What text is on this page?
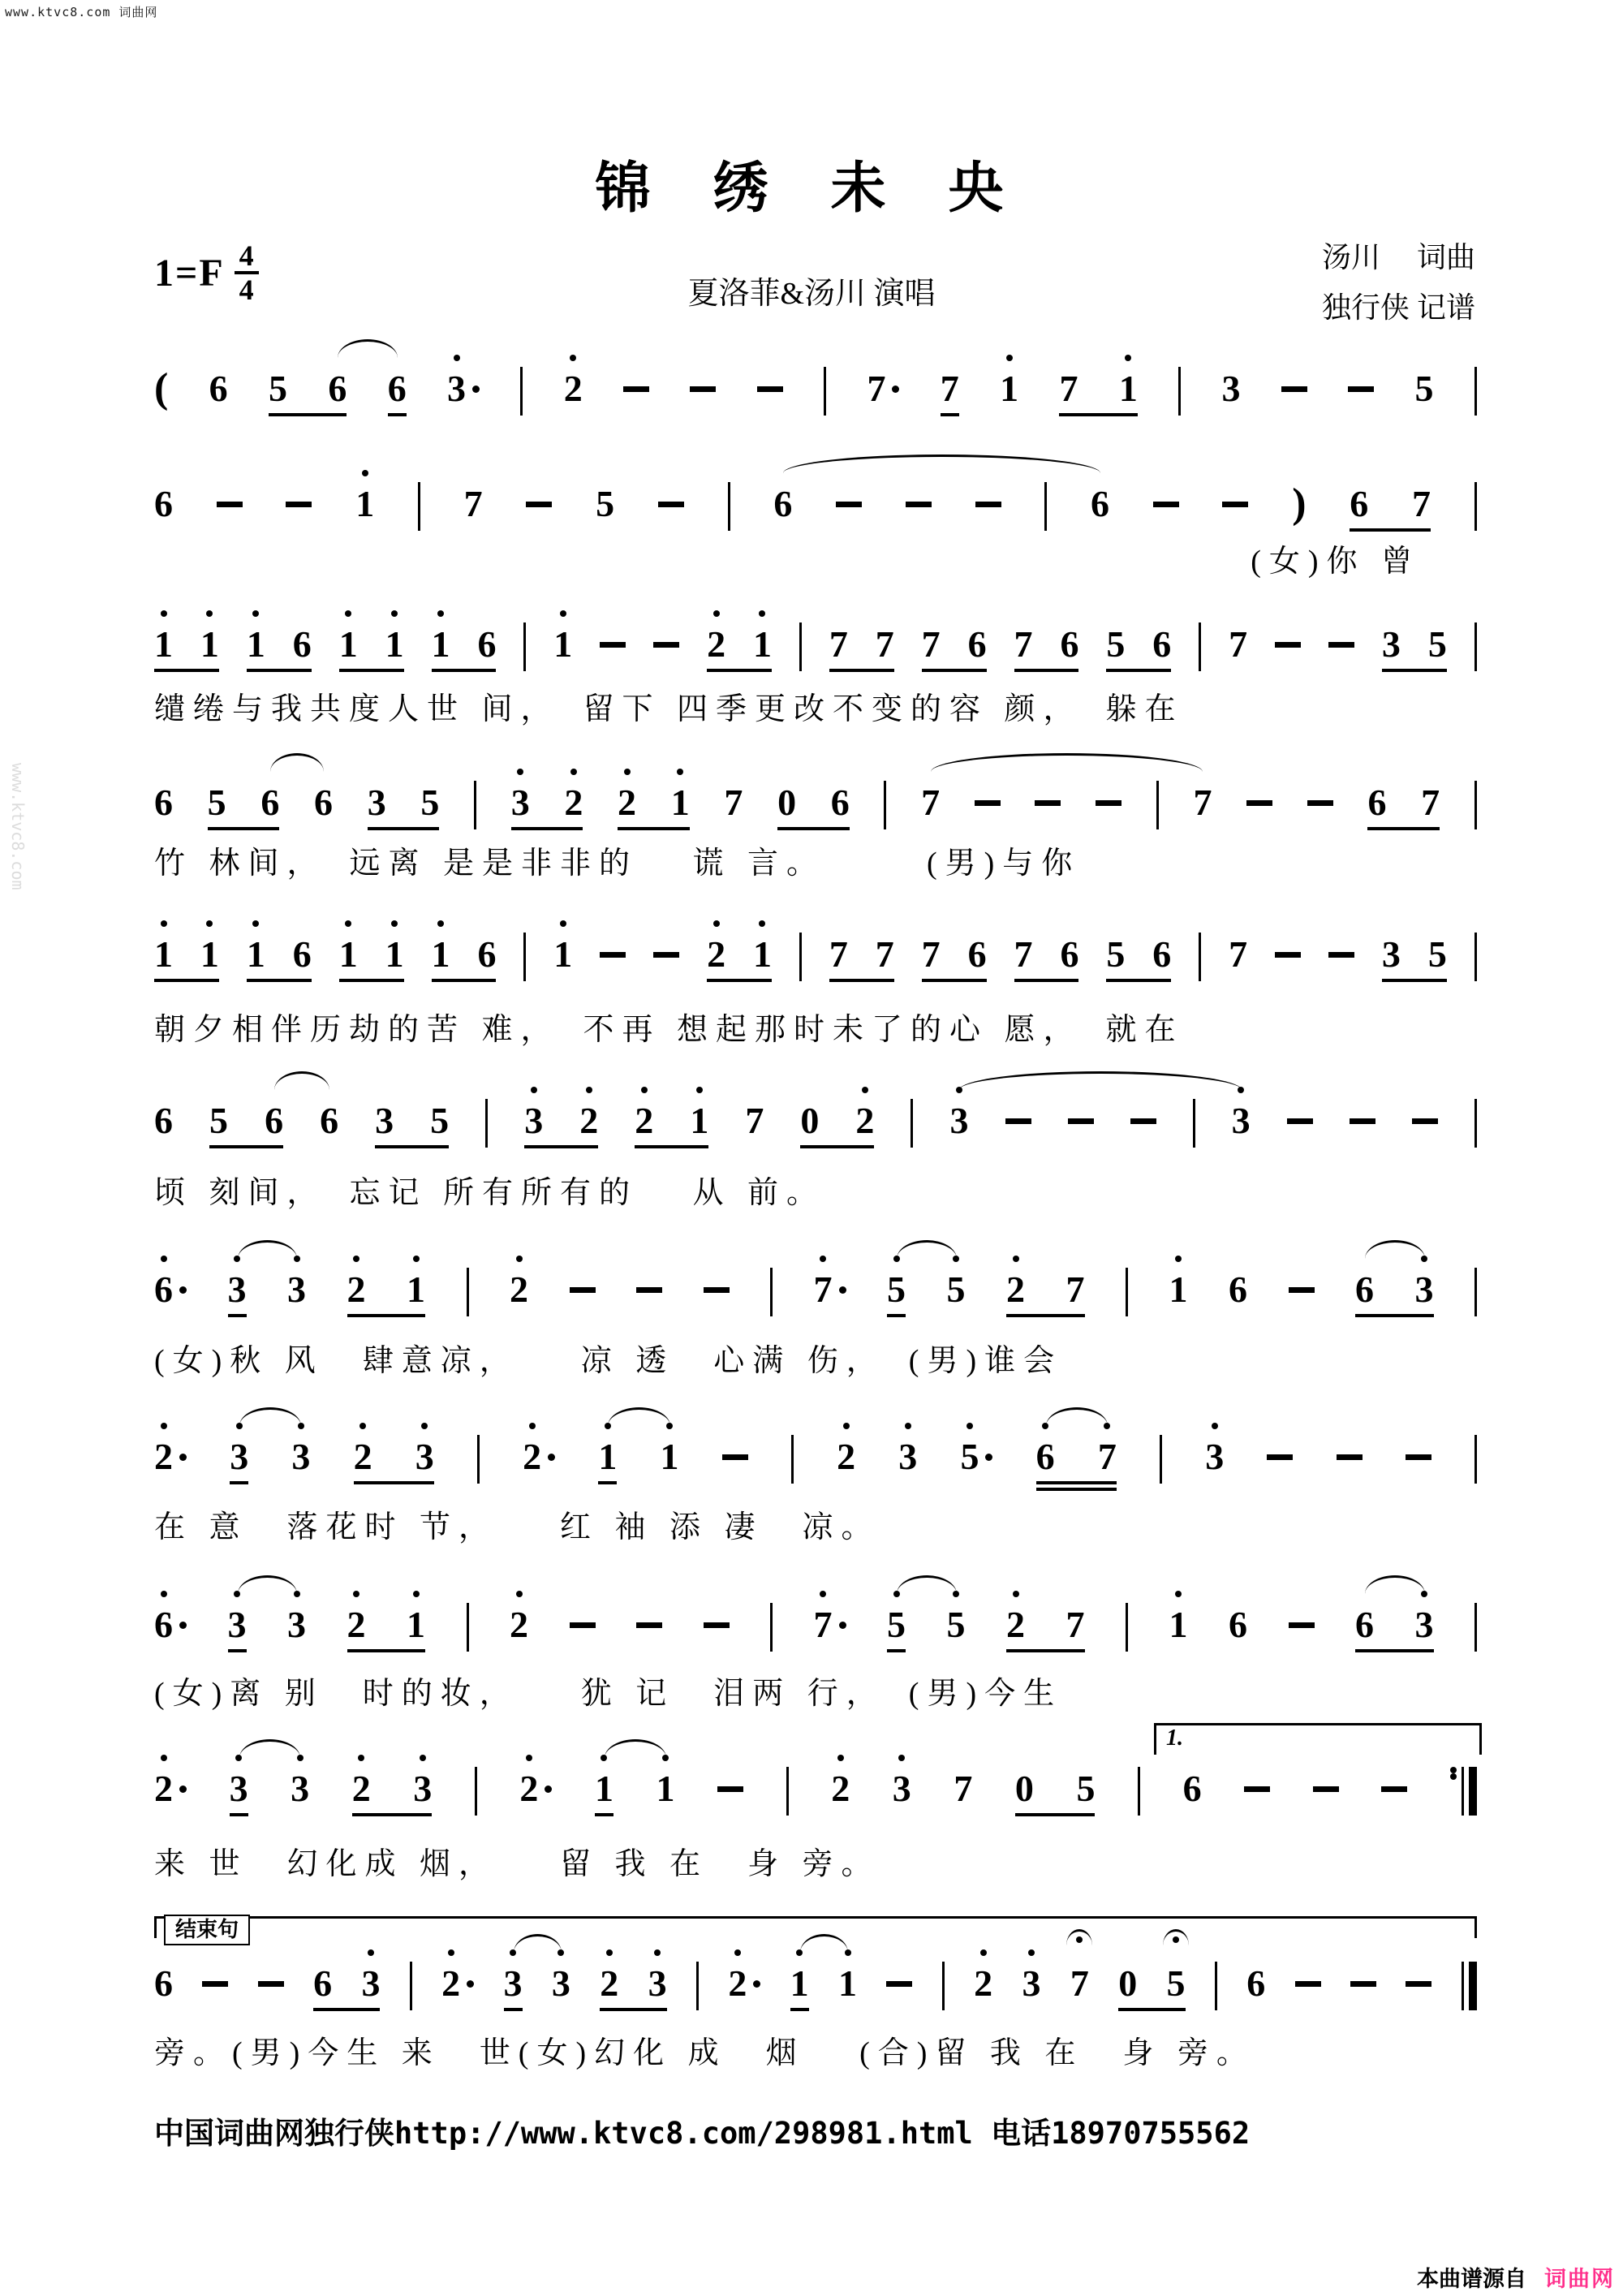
www.ktvc8.com 词曲网
www.ktvc8.com
锦 绣 未 央
$1=F \frac{4}{4}$	夏洛菲&汤川 演唱
汤川　 词曲
独行侠 记谱
( 6 5 6 6 3	2	7 7 1 7 1 3	5
6	1 7	5	6	6	) 6 7
(女)你 曾
1 1 1 6 1 1 1 6 1	2 1 7 7 7 6 7 6 5 6 7	3 5
缱绻与我共度人世 间，　留下 四季更改不变的容 颜，　躲在
6 5 6 6 3 5 3 2 2 1 7 0 6 7	7	6 7
竹 林间，　远离 是是非非的　 谎 言。　　　(男)与你
1 1 1 6 1 1 1 6 1	2 1 7 7 7 6 7 6 5 6 7	3 5
朝夕相伴历劫的苦 难，　不再 想起那时未了的心 愿，　就在
6 5 6 6 3 5 3 2 2 1 7 0 2 3	3
顷 刻间，　忘记 所有所有的　 从 前。
6 3 3 2 1 2	7 5 5 2 7 1 6	6 3
(女)秋 风　肆意凉，　　凉 透　心满 伤，　(男)谁会
2 3 3 2 3 2 1 1	2 3 5 6 7 3
在 意　落花时 节，　　红 袖 添 凄　凉。
6 3 3 2 1 2	7 5 5 2 7 1 6	6 3
(女)离 别　时的妆，　　犹 记　泪两 行，　(男)今生
2 3 3 2 3 2 1 1	2 3 7 0 5 6
来 世　幻化成 烟，　　留 我 在　身 旁。
1.
6	6 3 2 3 3 2 3 2 1 1	2 3 7 0 5 6
旁。(男)今生 来　世(女)幻化 成　烟　 (合)留 我 在　身 旁。
结束句
中国词曲网独行侠http://www.ktvc8.com/298981.html 电话18970755562
本曲谱源自 词曲网
